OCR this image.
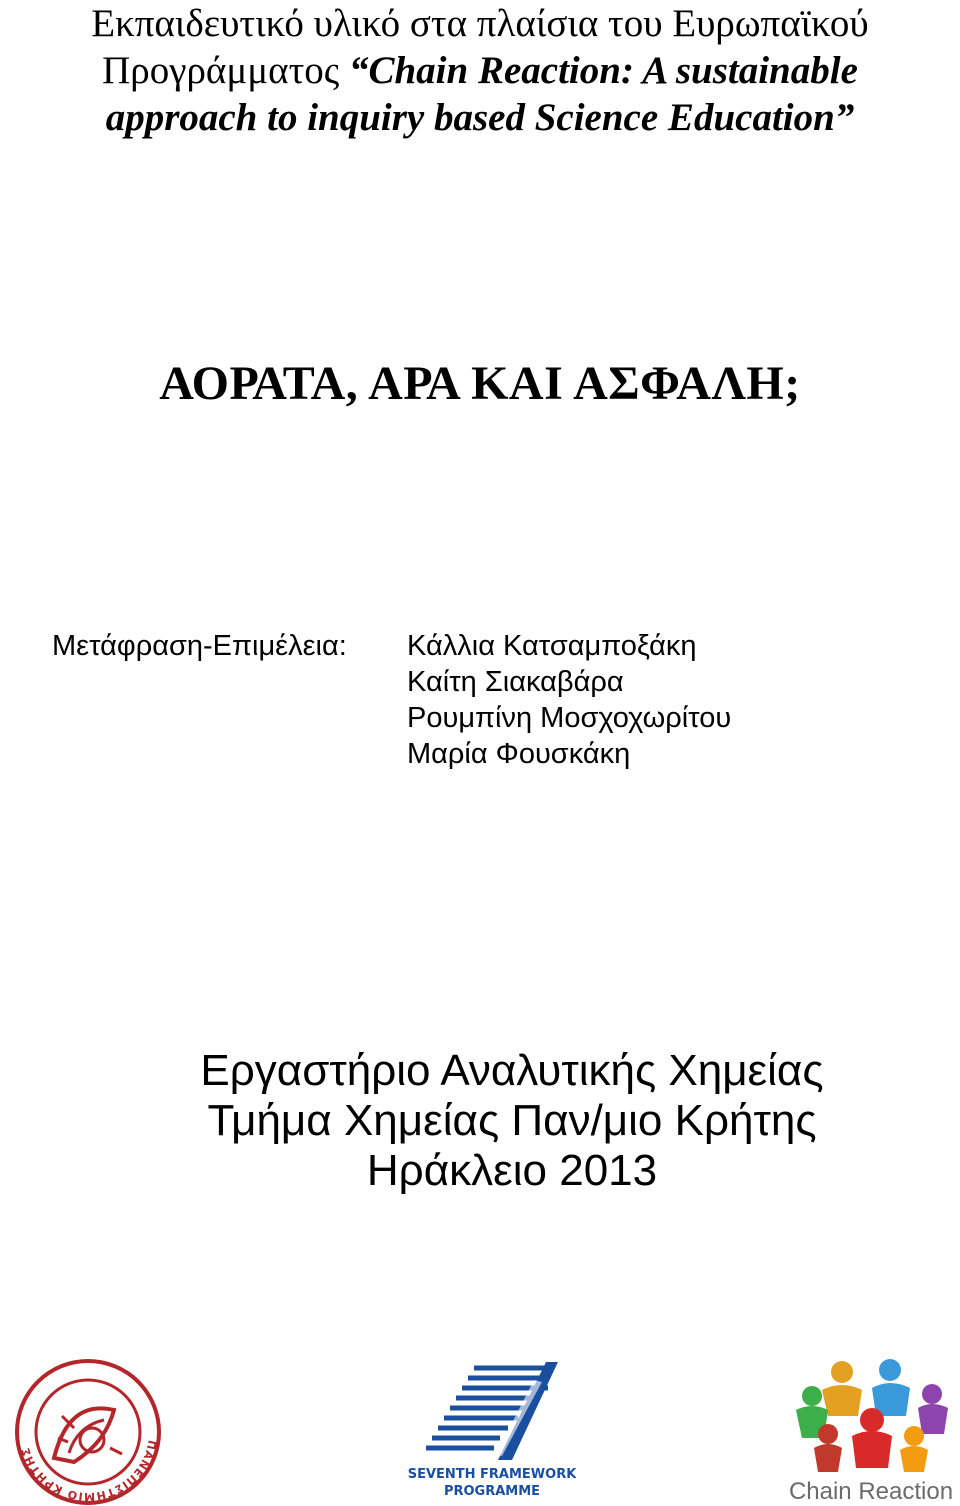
Εκπαιδευτικό υλικό στα πλαίσια του Ευρωπαϊκού
Προγράμματος “Chain Reaction: A sustainable
approach to inquiry based Science Education”
ΑΟΡΑΤΑ, ΑΡΑ ΚΑΙ ΑΣΦΑΛΗ;
Μετάφραση-Επιμέλεια:	Κάλλια Κατσαμποξάκη
Καίτη Σιακαβάρα
Ρουμπίνη Μοσχοχωρίτου
Μαρία Φουσκάκη
Εργαστήριο Αναλυτικής Χημείας
Τμήμα Χημείας Παν/μιο Κρήτης
Ηράκλειο 2013
ΠΑΝΕΠΙΣΤΗΜΙΟ ΚΡΗΤΗΣ
SEVENTH FRAMEWORK
PROGRAMME	Chain Reaction
